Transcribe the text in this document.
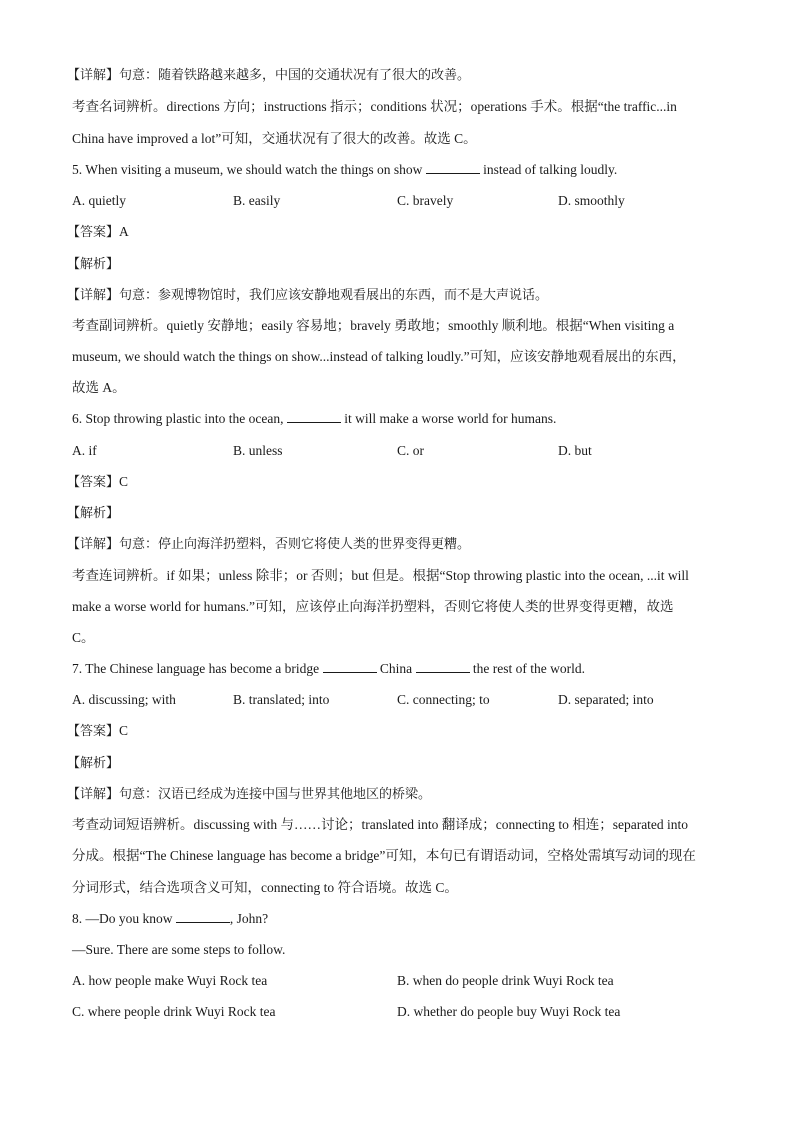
【详解】句意：随着铁路越来越多，中国的交通状况有了很大的改善。
考查名词辨析。directions 方向；instructions 指示；conditions 状况；operations 手术。根据“the traffic...in
China have improved a lot”可知，交通状况有了很大的改善。故选 C。
5. When visiting a museum, we should watch the things on show	instead of talking loudly.
A. quietly	B. easily	C. bravely	D. smoothly
【答案】A
【解析】
【详解】句意：参观博物馆时，我们应该安静地观看展出的东西，而不是大声说话。
考查副词辨析。quietly 安静地；easily 容易地；bravely 勇敢地；smoothly 顺利地。根据“When visiting a
museum, we should watch the things on show...instead of talking loudly.”可知，应该安静地观看展出的东西，
故选 A。
6. Stop throwing plastic into the ocean,	it will make a worse world for humans.
A. if	B. unless	C. or	D. but
【答案】C
【解析】
【详解】句意：停止向海洋扔塑料，否则它将使人类的世界变得更糟。
考查连词辨析。if 如果；unless 除非；or 否则；but 但是。根据“Stop throwing plastic into the ocean, ...it will
make a worse world for humans.”可知，应该停止向海洋扔塑料，否则它将使人类的世界变得更糟，故选
C。
7. The Chinese language has become a bridge	China	the rest of the world.
A. discussing; with	B. translated; into	C. connecting; to	D. separated; into
【答案】C
【解析】
【详解】句意：汉语已经成为连接中国与世界其他地区的桥梁。
考查动词短语辨析。discussing with 与……讨论；translated into 翻译成；connecting to 相连；separated into
分成。根据“The Chinese language has become a bridge”可知，本句已有谓语动词，空格处需填写动词的现在
分词形式，结合选项含义可知，connecting to 符合语境。故选 C。
8. —Do you know	, John?
—Sure. There are some steps to follow.
A. how people make Wuyi Rock tea	B. when do people drink Wuyi Rock tea
C. where people drink Wuyi Rock tea	D. whether do people buy Wuyi Rock tea
